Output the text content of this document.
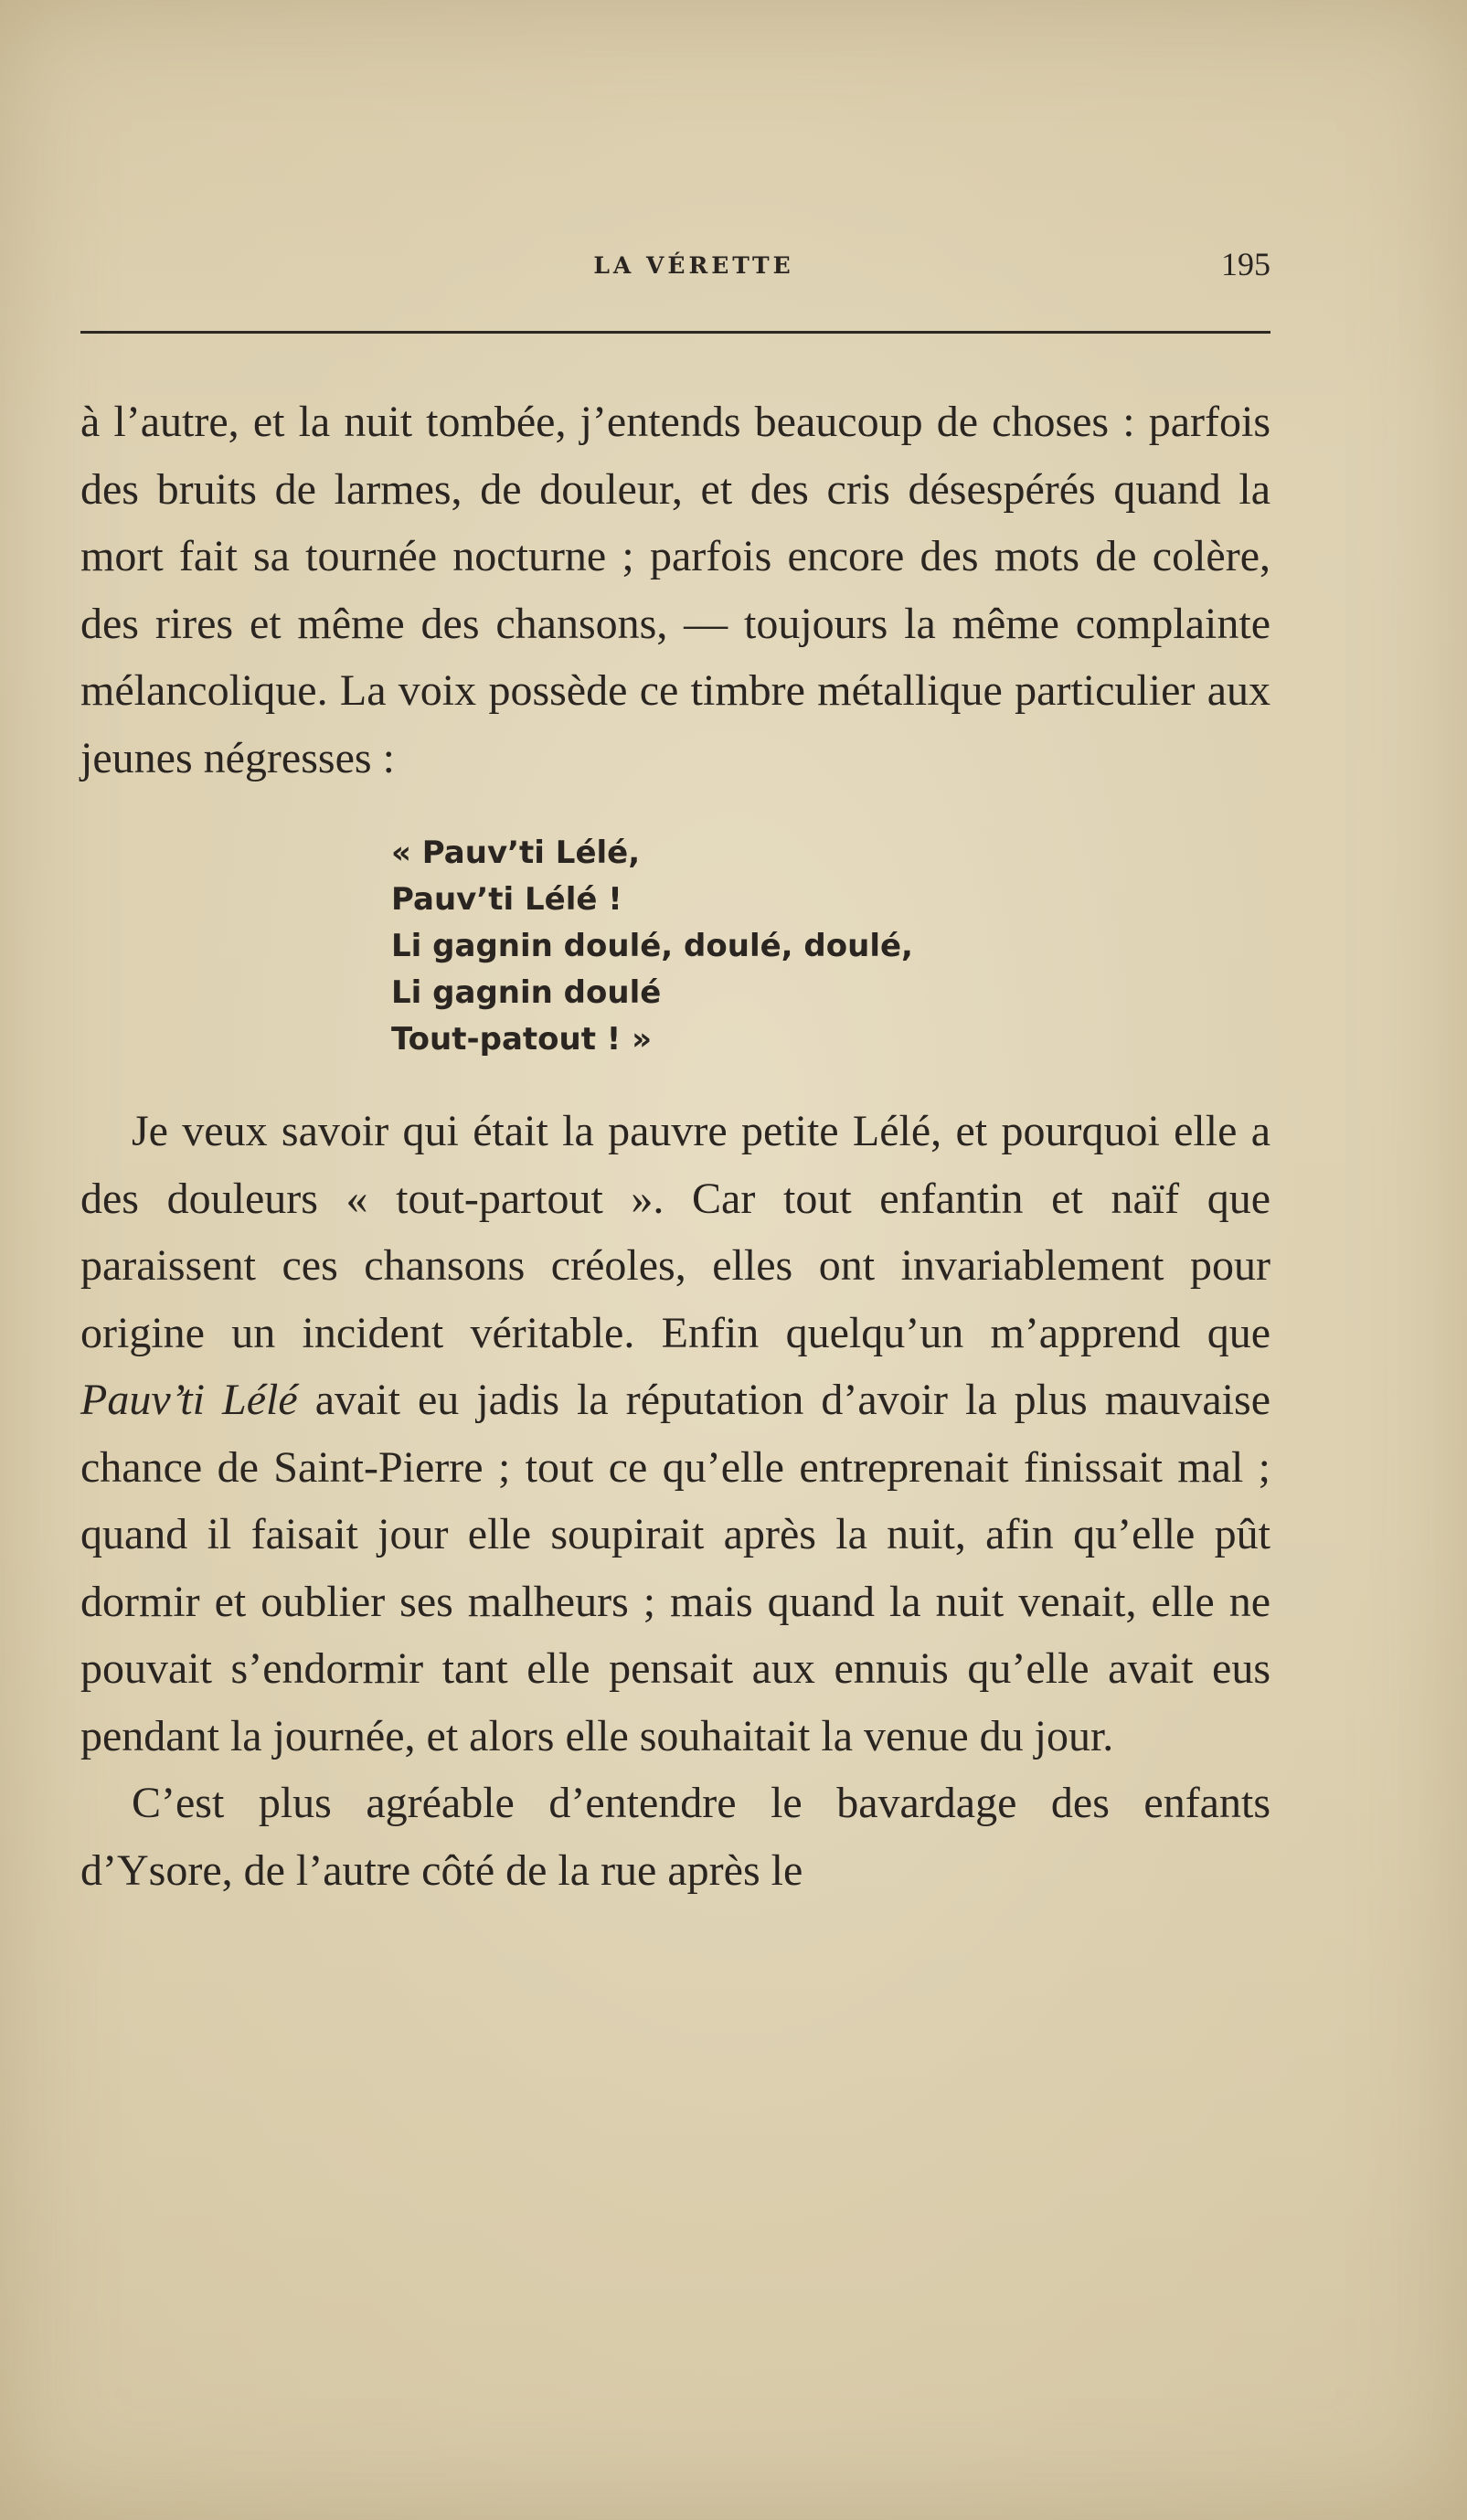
LA VÉRETTE	195

à l’autre, et la nuit tombée, j’entends beaucoup de choses : parfois des bruits de larmes, de douleur, et des cris désespérés quand la mort fait sa tournée nocturne ; parfois encore des mots de colère, des rires et même des chansons, — toujours la même complainte mélancolique. La voix possède ce timbre métallique particulier aux jeunes négresses :

« Pauv’ti Lélé,
Pauv’ti Lélé !
Li gagnin doulé, doulé, doulé,
Li gagnin doulé
Tout-patout ! »

Je veux savoir qui était la pauvre petite Lélé, et pourquoi elle a des douleurs « tout-partout ». Car tout enfantin et naïf que paraissent ces chansons créoles, elles ont invariablement pour origine un incident véritable. Enfin quelqu’un m’apprend que Pauv’ti Lélé avait eu jadis la réputation d’avoir la plus mauvaise chance de Saint-Pierre ; tout ce qu’elle entreprenait finissait mal ; quand il faisait jour elle soupirait après la nuit, afin qu’elle pût dormir et oublier ses malheurs ; mais quand la nuit venait, elle ne pouvait s’endormir tant elle pensait aux ennuis qu’elle avait eus pendant la journée, et alors elle souhaitait la venue du jour.

C’est plus agréable d’entendre le bavardage des enfants d’Ysore, de l’autre côté de la rue après le
